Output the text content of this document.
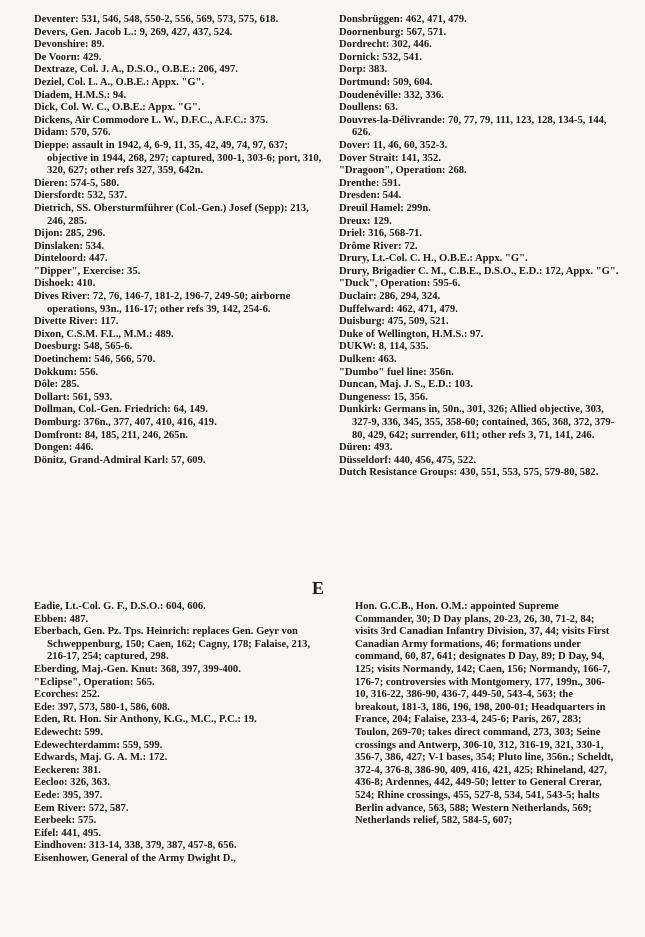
Deventer: 531, 546, 548, 550-2, 556, 569, 573, 575, 618.

Devers, Gen. Jacob L.: 9, 269, 427, 437, 524.

Devonshire: 89.

De Voorn: 429.

Dextraze, Col. J. A., D.S.O., O.B.E.: 206, 497.

Deziel, Col. L. A., O.B.E.: Appx. "G".

Diadem, H.M.S.: 94.

Dick, Col. W. C., O.B.E.: Appx. "G".

Dickens, Air Commodore L. W., D.F.C., A.F.C.: 375.

Didam: 570, 576.

Dieppe: assault in 1942, 4, 6-9, 11, 35, 42, 49, 74, 97, 637; objective in 1944, 268, 297; captured, 300-1, 303-6; port, 310, 320, 627; other refs 327, 359, 642n.

Dieren: 574-5, 580.

Diersfordt: 532, 537.

Dietrich, SS. Obersturmführer (Col.-Gen.) Josef (Sepp): 213, 246, 285.

Dijon: 285, 296.

Dinslaken: 534.

Dinteloord: 447.

"Dipper", Exercise: 35.

Dishoek: 410.

Dives River: 72, 76, 146-7, 181-2, 196-7, 249-50; airborne operations, 93n., 116-17; other refs 39, 142, 254-6.

Divette River: 117.

Dixon, C.S.M. F.L., M.M.: 489.

Doesburg: 548, 565-6.

Doetinchem: 546, 566, 570.

Dokkum: 556.

Dôle: 285.

Dollart: 561, 593.

Dollman, Col.-Gen. Friedrich: 64, 149.

Domburg: 376n., 377, 407, 410, 416, 419.

Domfront: 84, 185, 211, 246, 265n.

Dongen: 446.

Dönitz, Grand-Admiral Karl: 57, 609.

Donsbrüggen: 462, 471, 479.

Doornenburg: 567, 571.

Dordrecht: 302, 446.

Dornick: 532, 541.

Dorp: 383.

Dortmund: 509, 604.

Doudenéville: 332, 336.

Doullens: 63.

Douvres-la-Délivrande: 70, 77, 79, 111, 123, 128, 134-5, 144, 626.

Dover: 11, 46, 60, 352-3.

Dover Strait: 141, 352.

"Dragoon", Operation: 268.

Drenthe: 591.

Dresden: 544.

Dreuil Hamel: 299n.

Dreux: 129.

Driel: 316, 568-71.

Drôme River: 72.

Drury, Lt.-Col. C. H., O.B.E.: Appx. "G".

Drury, Brigadier C. M., C.B.E., D.S.O., E.D.: 172, Appx. "G".

"Duck", Operation: 595-6.

Duclair: 286, 294, 324.

Duffelward: 462, 471, 479.

Duisburg: 475, 509, 521.

Duke of Wellington, H.M.S.: 97.

DUKW: 8, 114, 535.

Dulken: 463.

"Dumbo" fuel line: 356n.

Duncan, Maj. J. S., E.D.: 103.

Dungeness: 15, 356.

Dunkirk: Germans in, 50n., 301, 326; Allied objective, 303, 327-9, 336, 345, 355, 358-60; contained, 365, 368, 372, 379-80, 429, 642; surrender, 611; other refs 3, 71, 141, 246.

Düren: 493.

Düsseldorf: 440, 456, 475, 522.

Dutch Resistance Groups: 430, 551, 553, 575, 579-80, 582.

E

Eadie, Lt.-Col. G. F., D.S.O.: 604, 606.

Ebben: 487.

Eberbach, Gen. Pz. Tps. Heinrich: replaces Gen. Geyr von Schweppenburg, 150; Caen, 162; Cagny, 178; Falaise, 213, 216-17, 254; captured, 298.

Eberding, Maj.-Gen. Knut: 368, 397, 399-400.

"Eclipse", Operation: 565.

Ecorches: 252.

Ede: 397, 573, 580-1, 586, 608.

Eden, Rt. Hon. Sir Anthony, K.G., M.C., P.C.: 19.

Edewecht: 599.

Edewechterdamm: 559, 599.

Edwards, Maj. G. A. M.: 172.

Eeckeren: 381.

Eecloo: 326, 363.

Eede: 395, 397.

Eem River: 572, 587.

Eerbeek: 575.

Eifel: 441, 495.

Eindhoven: 313-14, 338, 379, 387, 457-8, 656.

Eisenhower, General of the Army Dwight D.,

Hon. G.C.B., Hon. O.M.: appointed Supreme Commander, 30; D Day plans, 20-23, 26, 30, 71-2, 84; visits 3rd Canadian Infantry Division, 37, 44; visits First Canadian Army formations, 46; formations under command, 60, 87, 641; designates D Day, 89; D Day, 94, 125; visits Normandy, 142; Caen, 156; Normandy, 166-7, 176-7; controversies with Montgomery, 177, 199n., 306-10, 316-22, 386-90, 436-7, 449-50, 543-4, 563; the breakout, 181-3, 186, 196, 198, 200-01; Headquarters in France, 204; Falaise, 233-4, 245-6; Paris, 267, 283; Toulon, 269-70; takes direct command, 273, 303; Seine crossings and Antwerp, 306-10, 312, 316-19, 321, 330-1, 356-7, 386, 427; V-1 bases, 354; Pluto line, 356n.; Scheldt, 372-4, 376-8, 386-90, 409, 416, 421, 425; Rhineland, 427, 436-8; Ardennes, 442, 449-50; letter to General Crerar, 524; Rhine crossings, 455, 527-8, 534, 541, 543-5; halts Berlin advance, 563, 588; Western Netherlands, 569; Netherlands relief, 582, 584-5, 607;
